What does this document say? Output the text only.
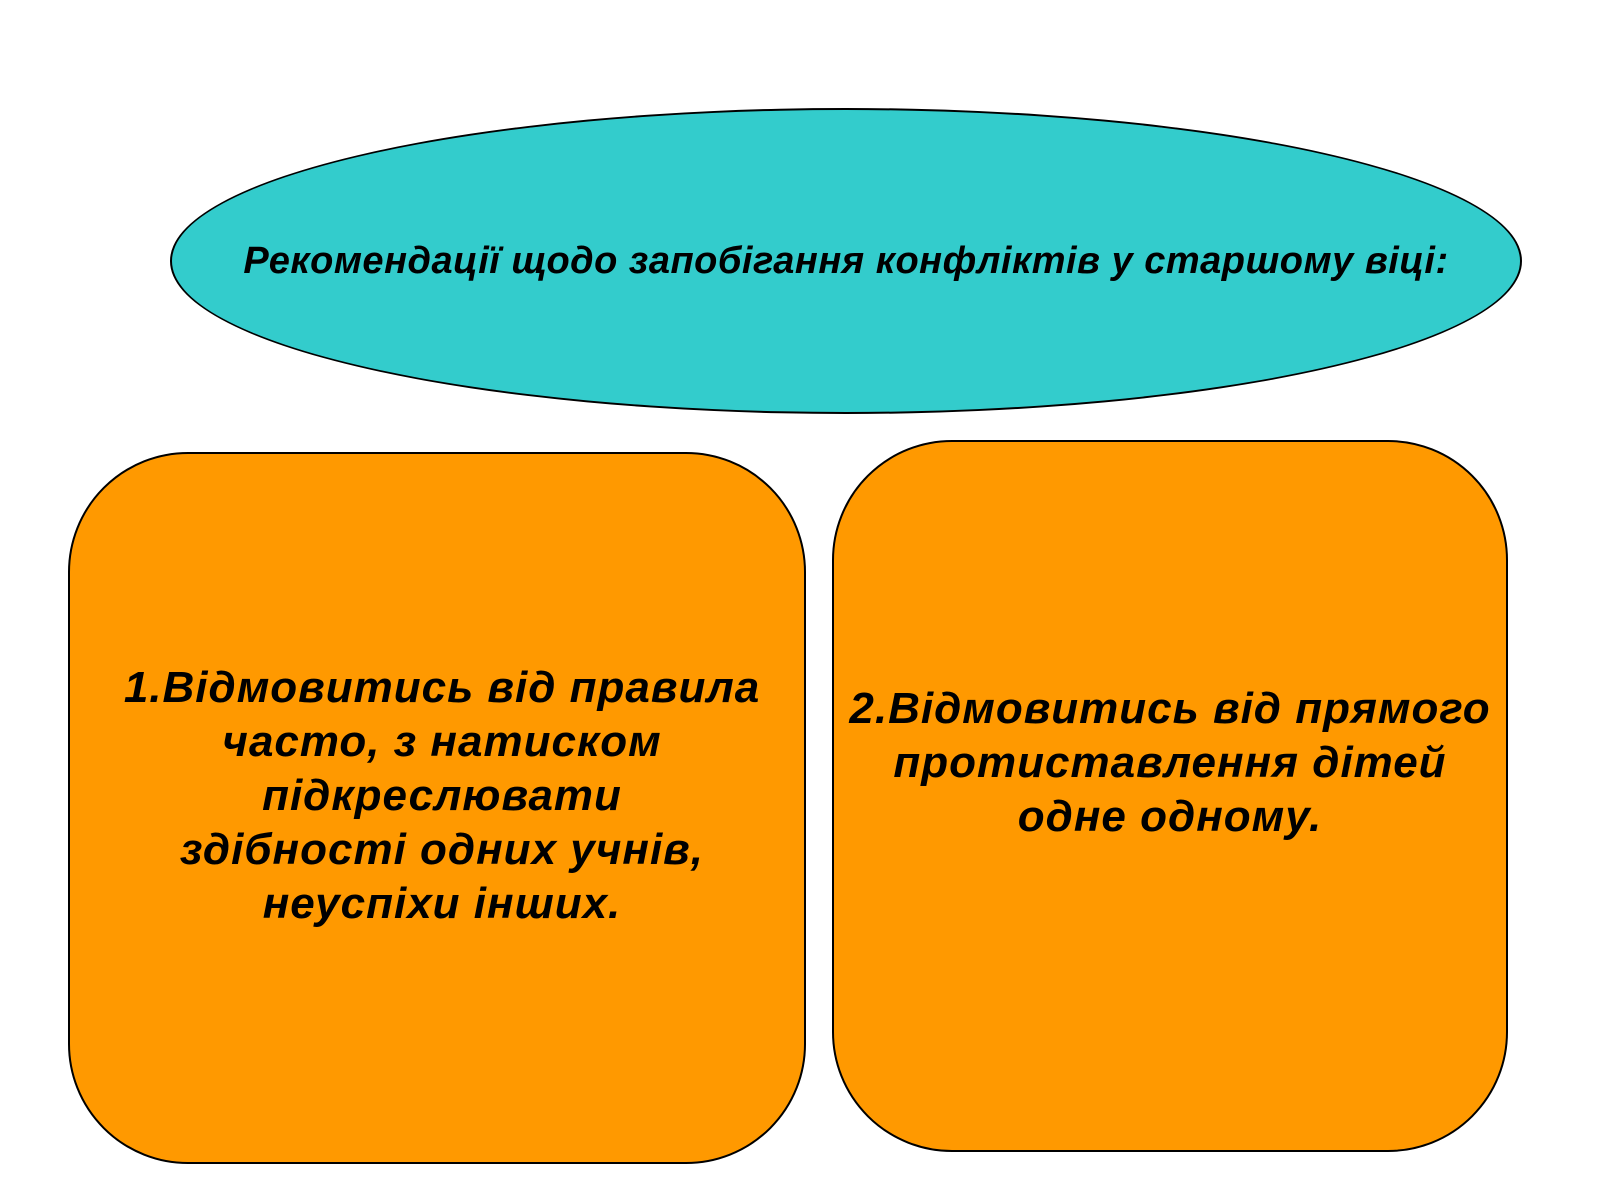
Рекомендації щодо запобігання конфліктів у старшому віці:
1.Відмовитись від правила
часто, з натиском
підкреслювати
здібності одних учнів,
неуспіхи інших.
2.Відмовитись від прямого
протиставлення дітей
одне одному.
